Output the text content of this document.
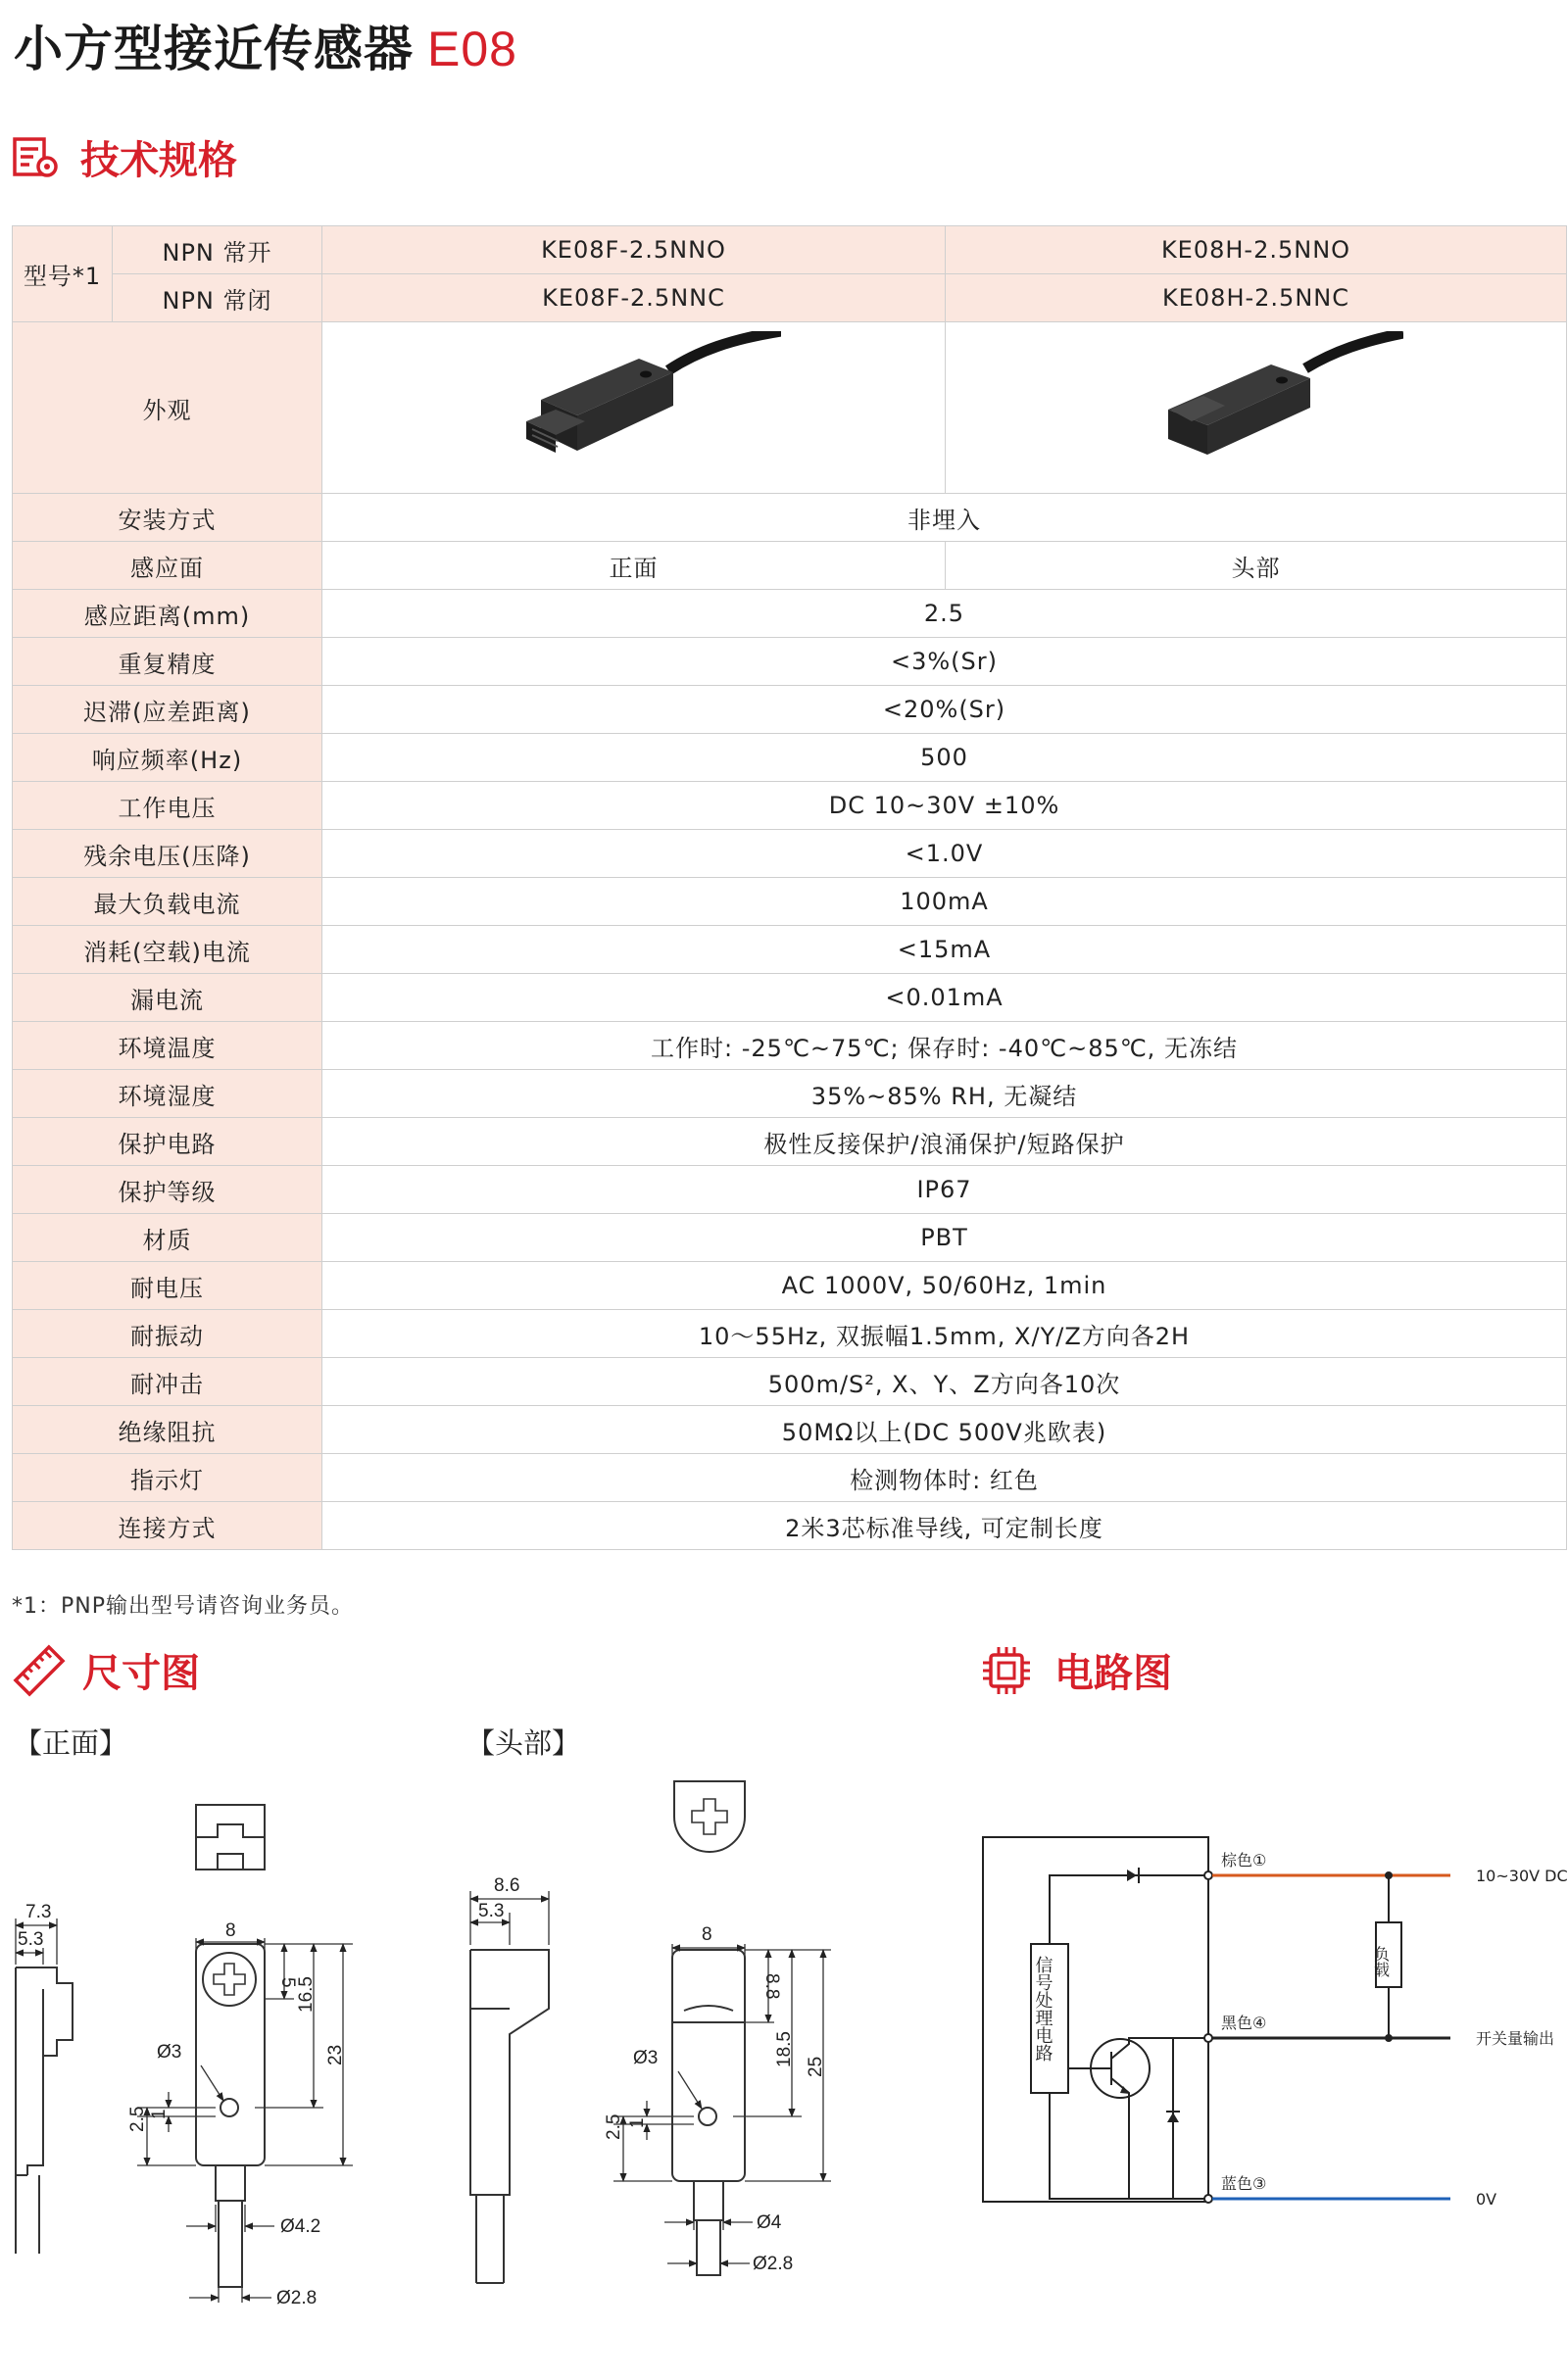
小方型接近传感器 E08
技术规格
型号*1	NPN 常开	KE08F-2.5NNO	KE08H-2.5NNO
	NPN 常闭	KE08F-2.5NNC	KE08H-2.5NNC
外观		
安装方式		非埋入	
感应面		正面	头部
感应距离(mm)		2.5	
重复精度		<3%(Sr)	
迟滞(应差距离)		<20%(Sr)	
响应频率(Hz)		500	
工作电压		DC 10~30V ±10%	
残余电压(压降)		<1.0V	
最大负载电流		100mA	
消耗(空载)电流		<15mA	
漏电流		<0.01mA	
环境温度		工作时: -25℃~75℃; 保存时: -40℃~85℃, 无冻结	
环境湿度		35%~85% RH, 无凝结	
保护电路		极性反接保护/浪涌保护/短路保护	
保护等级		IP67	
材质		PBT	
耐电压		AC 1000V, 50/60Hz, 1min	
耐振动		10～55Hz, 双振幅1.5mm, X/Y/Z方向各2H	
耐冲击		500m/S², X、Y、Z方向各10次	
绝缘阻抗		50MΩ以上(DC 500V兆欧表)	
指示灯		检测物体时: 红色	
连接方式		2米3芯标准导线, 可定制长度	
*1：PNP输出型号请咨询业务员。
尺寸图	电路图
【正面】	【头部】
7.3
5.3	8
5
16.5
23
Ø3
2.5 1
Ø4.2
Ø2.8
8.6
5.3
8
8.8
18.5 25
Ø3
2.5 1
Ø4
Ø2.8
棕色①
黑色④
蓝色③
10~30V DC
开关量输出
0V
负载
信号处理电路
